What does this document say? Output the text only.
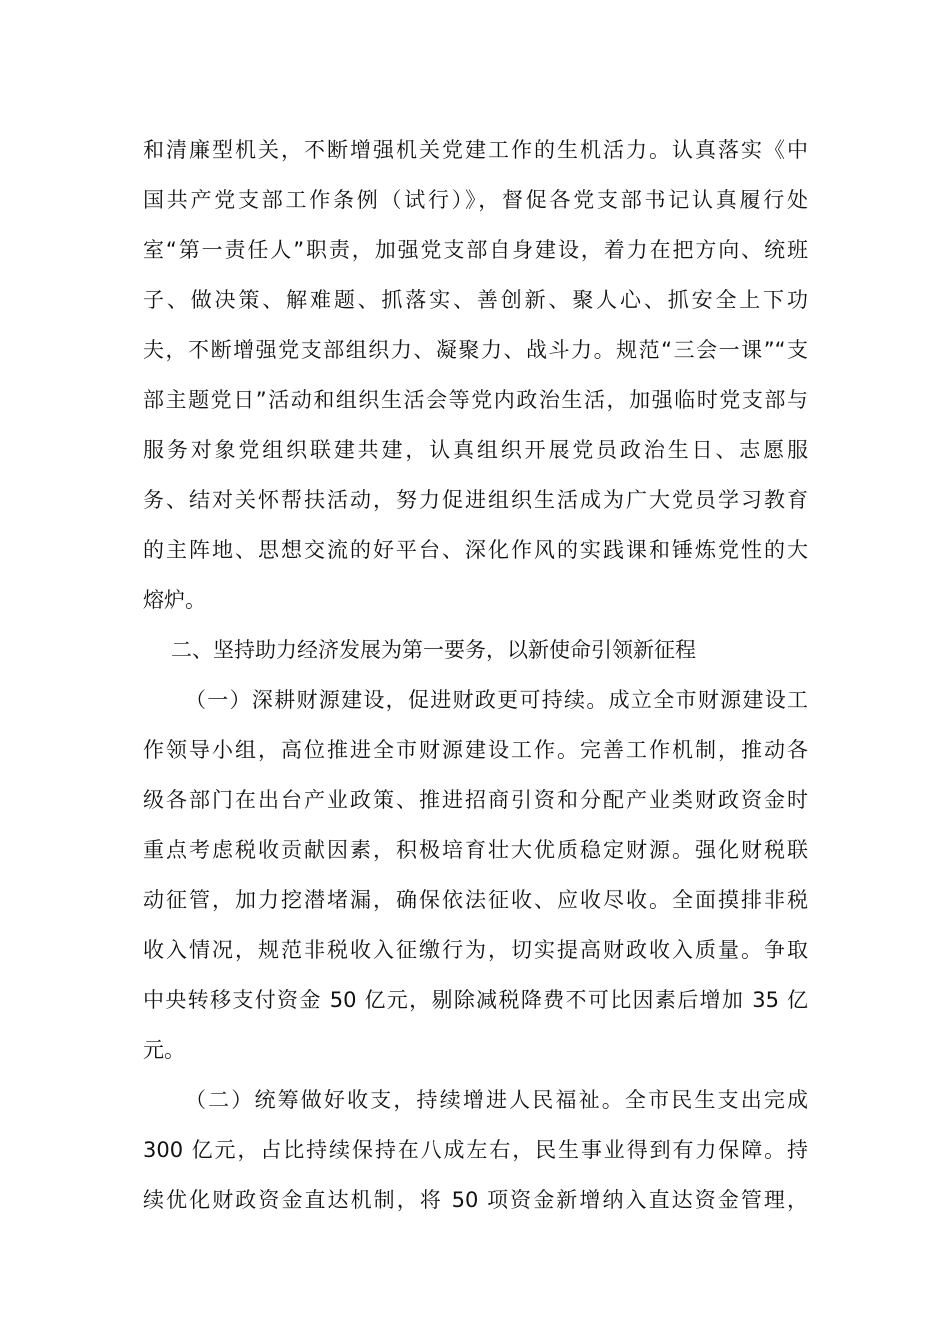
和清廉型机关，不断增强机关党建工作的生机活力。认真落实《中
国共产党支部工作条例（试行）》，督促各党支部书记认真履行处
室“第一责任人”职责，加强党支部自身建设，着力在把方向、统班
子、做决策、解难题、抓落实、善创新、聚人心、抓安全上下功
夫，不断增强党支部组织力、凝聚力、战斗力。规范“三会一课”“支
部主题党日”活动和组织生活会等党内政治生活，加强临时党支部与
服务对象党组织联建共建，认真组织开展党员政治生日、志愿服
务、结对关怀帮扶活动，努力促进组织生活成为广大党员学习教育
的主阵地、思想交流的好平台、深化作风的实践课和锤炼党性的大
熔炉。
二、坚持助力经济发展为第一要务，以新使命引领新征程
（一）深耕财源建设，促进财政更可持续。成立全市财源建设工
作领导小组，高位推进全市财源建设工作。完善工作机制，推动各
级各部门在出台产业政策、推进招商引资和分配产业类财政资金时
重点考虑税收贡献因素，积极培育壮大优质稳定财源。强化财税联
动征管，加力挖潜堵漏，确保依法征收、应收尽收。全面摸排非税
收入情况，规范非税收入征缴行为，切实提高财政收入质量。争取
中央转移支付资金 50 亿元，剔除减税降费不可比因素后增加 35 亿
元。
（二）统筹做好收支，持续增进人民福祉。全市民生支出完成
300 亿元，占比持续保持在八成左右，民生事业得到有力保障。持
续优化财政资金直达机制，将 50 项资金新增纳入直达资金管理，
